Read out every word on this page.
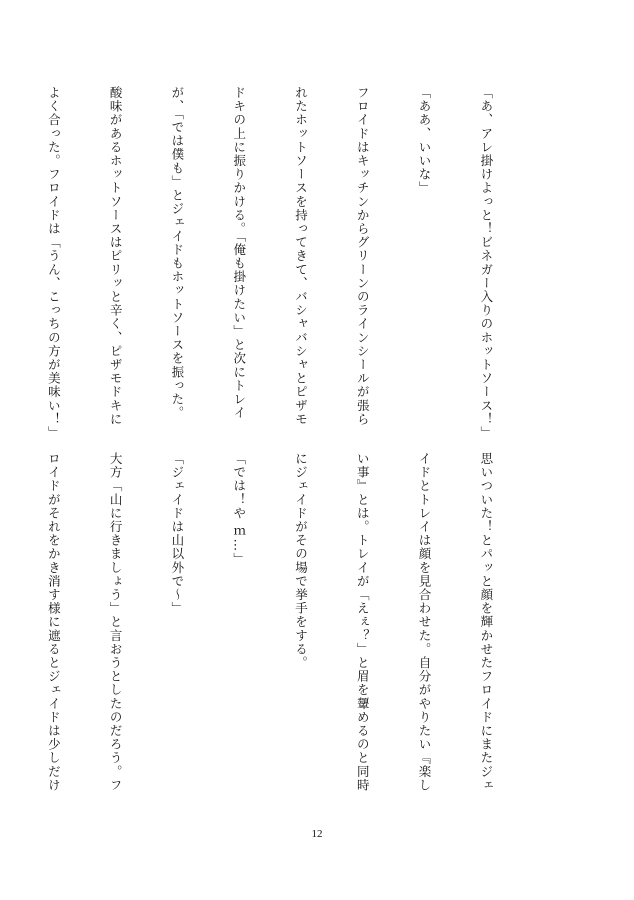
「あ、アレ掛けよっと！ビネガー入りのホットソース！」

「ああ、いいな」

フロイドはキッチンからグリーンのラインシールが張ら

れたホットソースを持ってきて、バシャバシャとピザモ

ドキの上に振りかける。「俺も掛けたい」と次にトレイ

が、「では僕も」とジェイドもホットソースを振った。

酸味があるホットソースはピリッと辛く、ピザモドキに

よく合った。フロイドは「うん、こっちの方が美味い！」

思いついた！とパッと顔を輝かせたフロイドにまたジェ

イドとトレイは顔を見合わせた。自分がやりたい『楽し

い事』とは。トレイが「えぇ？」と眉を顰めるのと同時

にジェイドがその場で挙手をする。

「では！や ｍ…」

「ジェイドは山以外で～」

大方「山に行きましょう」と言おうとしたのだろう。フ

ロイドがそれをかき消す様に遮るとジェイドは少しだけ

12
